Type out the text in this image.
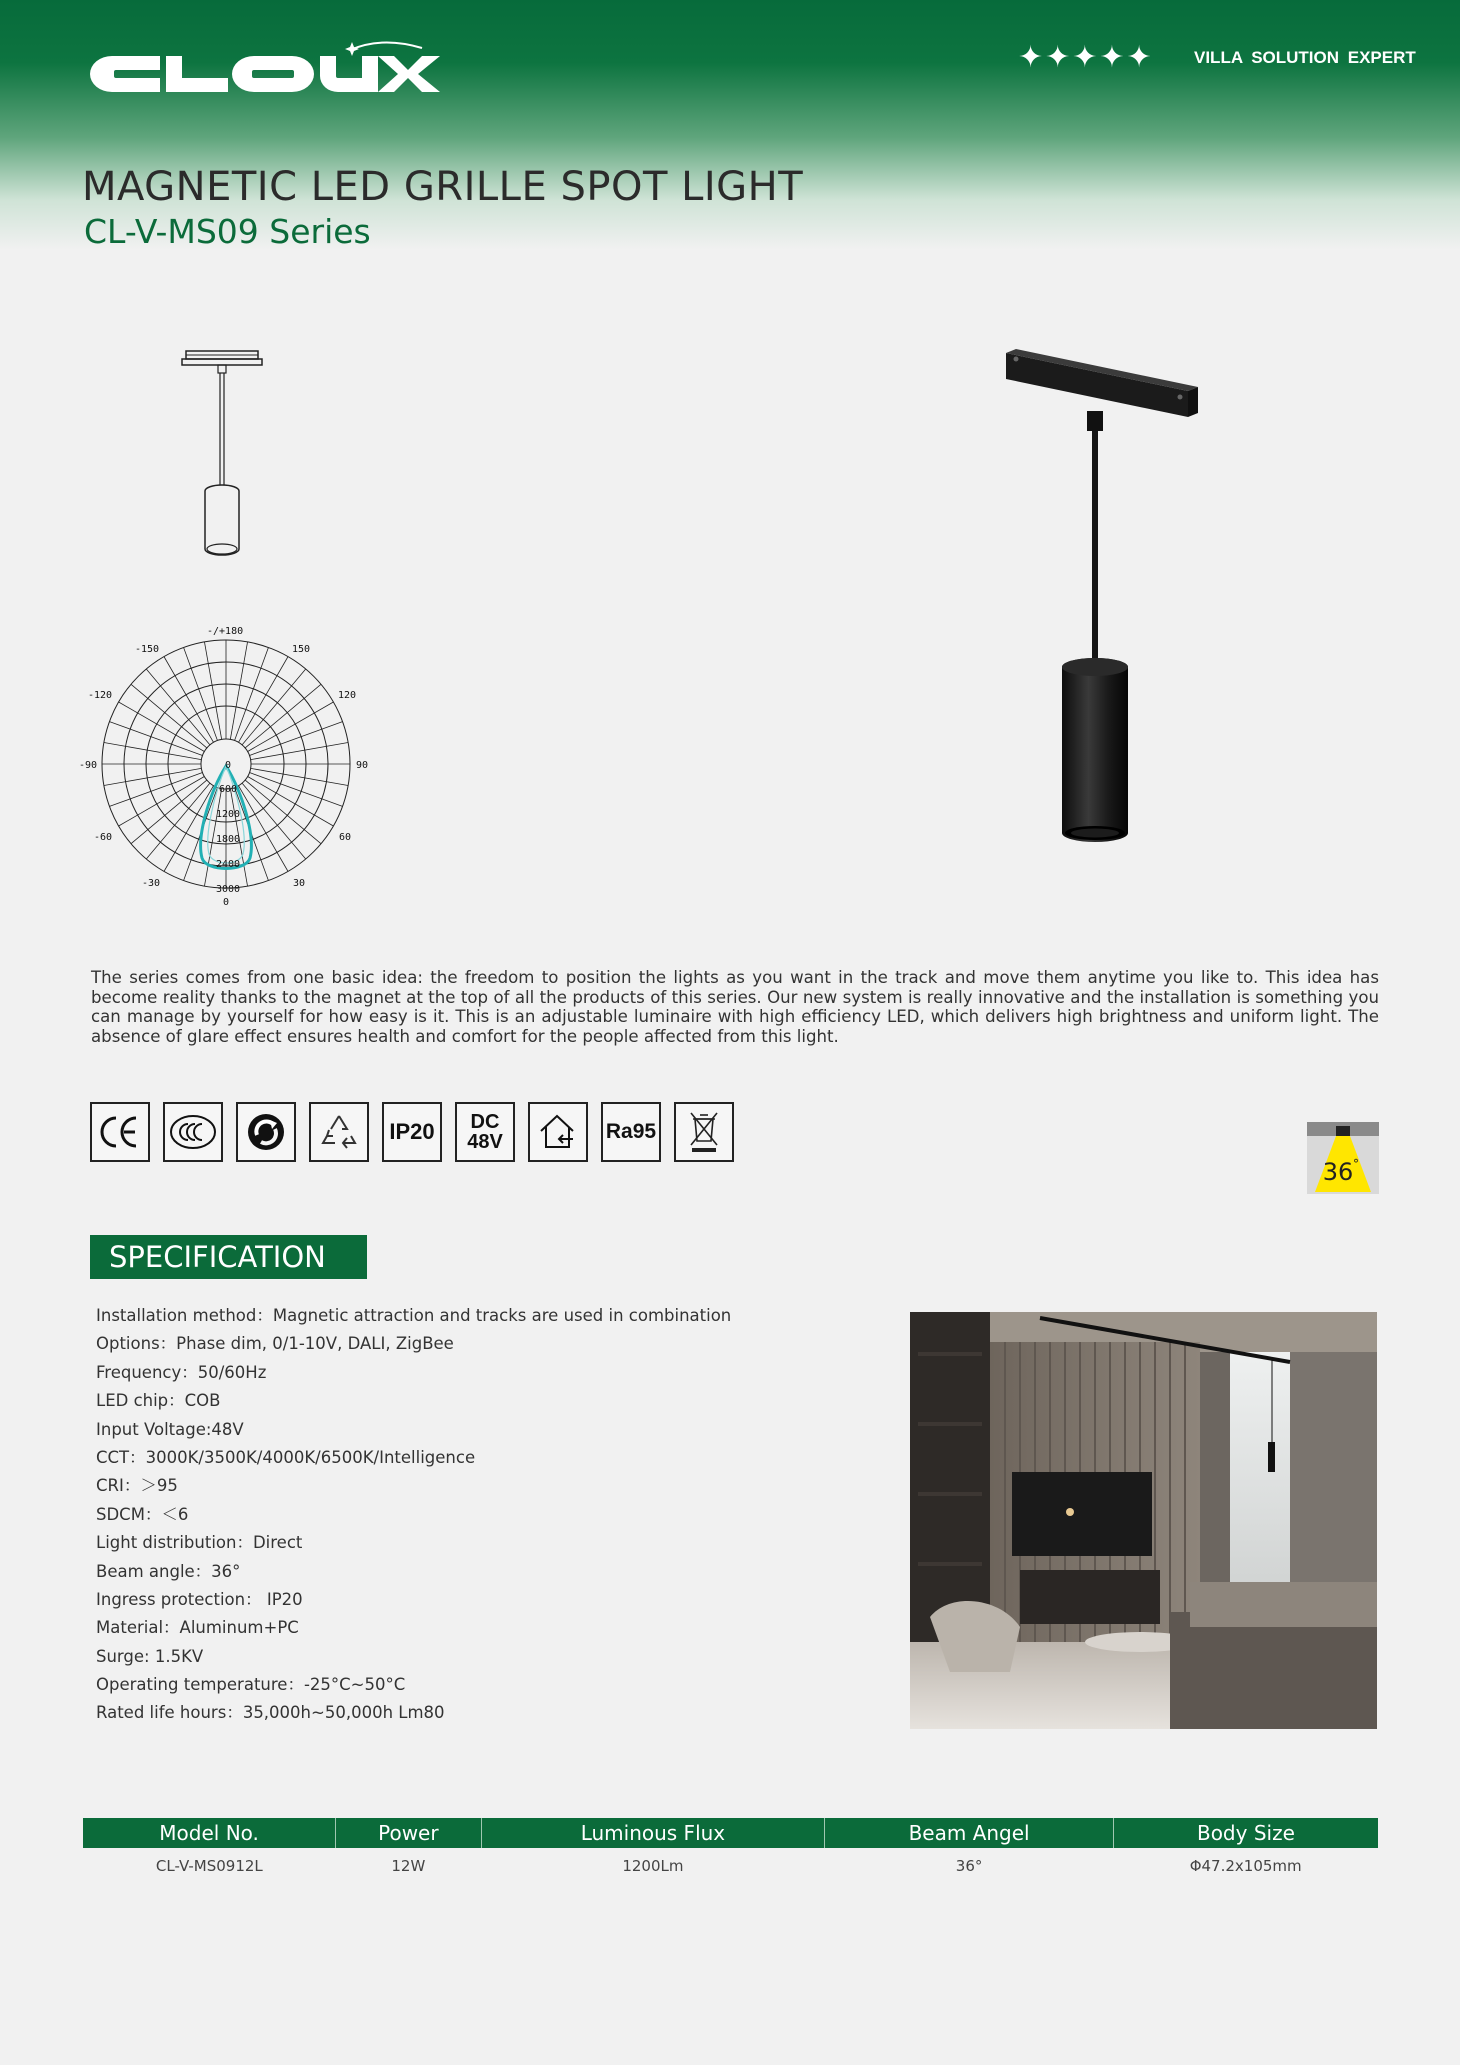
✦✦✦✦✦ VILLA SOLUTION EXPERT
MAGNETIC LED GRILLE SPOT LIGHT
CL-V-MS09 Series
-/+180
150
-150
120
-120
90
-90
60
-60
30
-30
0
0
600
1200
1800
2400
3000

The series comes from one basic idea: the freedom to position the lights as you want in the track and move them anytime you like to. This idea has become reality thanks to the magnet at the top of all the products of this series. Our new system is really innovative and the installation is something you can manage by yourself for how easy is it. This is an adjustable luminaire with high efficiency LED, which delivers high brightness and uniform light. The absence of glare effect ensures health and comfort for the people affected from this light.

IP20 DC
48V	Ra95
36 °
SPECIFICATION
Installation method：Magnetic attraction and tracks are used in combination
Options：Phase dim, 0/1-10V, DALI, ZigBee
Frequency：50/60Hz
LED chip：COB
Input Voltage:48V
CCT：3000K/3500K/4000K/6500K/Intelligence
CRI：＞95
SDCM：＜6
Light distribution：Direct
Beam angle：36°
Ingress protection： IP20
Material：Aluminum+PC
Surge: 1.5KV
Operating temperature：-25°C~50°C
Rated life hours：35,000h~50,000h Lm80
Model No.	Power	Luminous Flux	Beam Angel	Body Size
CL-V-MS0912L	12W	1200Lm	36°	Φ47.2x105mm
